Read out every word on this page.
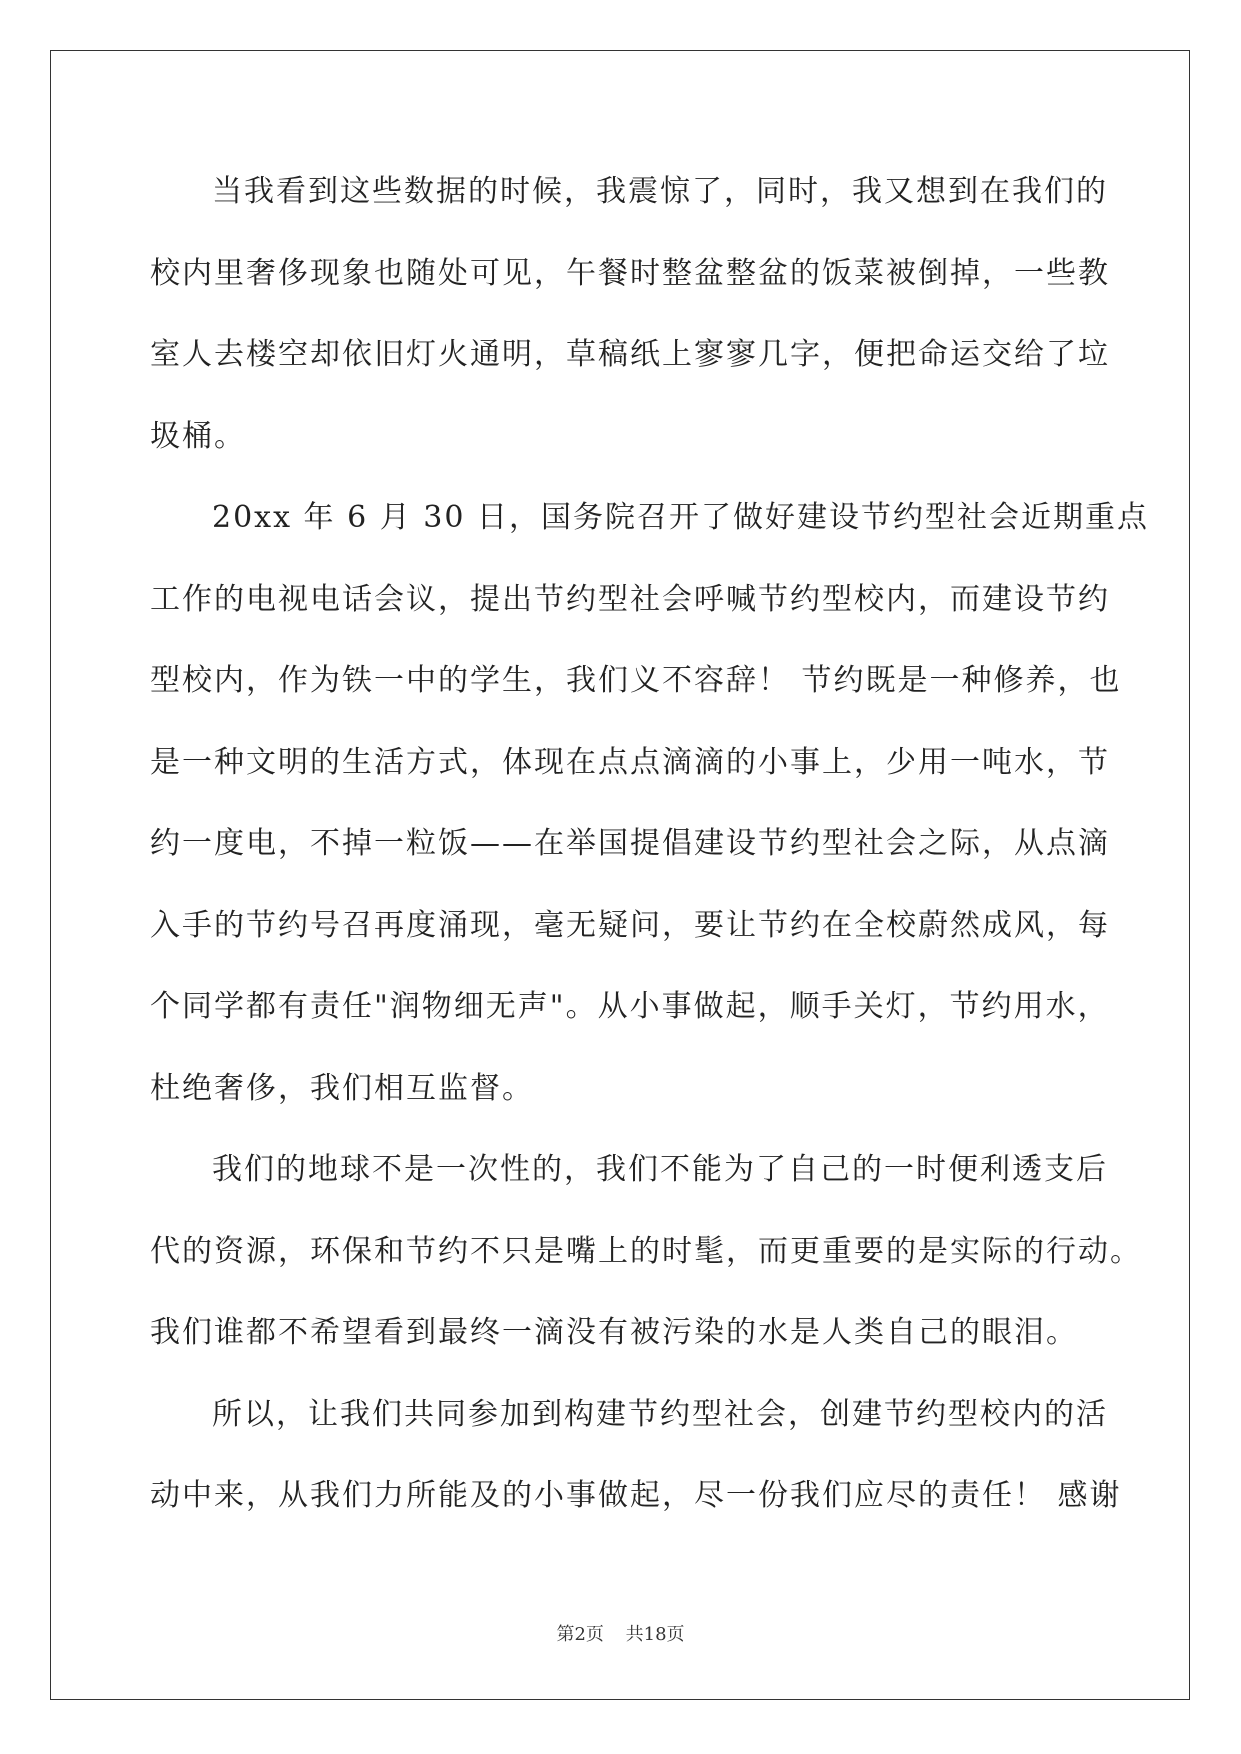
当我看到这些数据的时候，我震惊了，同时，我又想到在我们的
校内里奢侈现象也随处可见，午餐时整盆整盆的饭菜被倒掉，一些教
室人去楼空却依旧灯火通明，草稿纸上寥寥几字，便把命运交给了垃
圾桶。
20xx 年 6 月 30 日，国务院召开了做好建设节约型社会近期重点
工作的电视电话会议，提出节约型社会呼喊节约型校内，而建设节约
型校内，作为铁一中的学生，我们义不容辞！ 节约既是一种修养，也
是一种文明的生活方式，体现在点点滴滴的小事上，少用一吨水，节
约一度电，不掉一粒饭——在举国提倡建设节约型社会之际，从点滴
入手的节约号召再度涌现，毫无疑问，要让节约在全校蔚然成风，每
个同学都有责任"润物细无声"。从小事做起，顺手关灯，节约用水，
杜绝奢侈，我们相互监督。
我们的地球不是一次性的，我们不能为了自己的一时便利透支后
代的资源，环保和节约不只是嘴上的时髦，而更重要的是实际的行动。
我们谁都不希望看到最终一滴没有被污染的水是人类自己的眼泪。
所以，让我们共同参加到构建节约型社会，创建节约型校内的活
动中来，从我们力所能及的小事做起，尽一份我们应尽的责任！ 感谢
第2页 共18页
